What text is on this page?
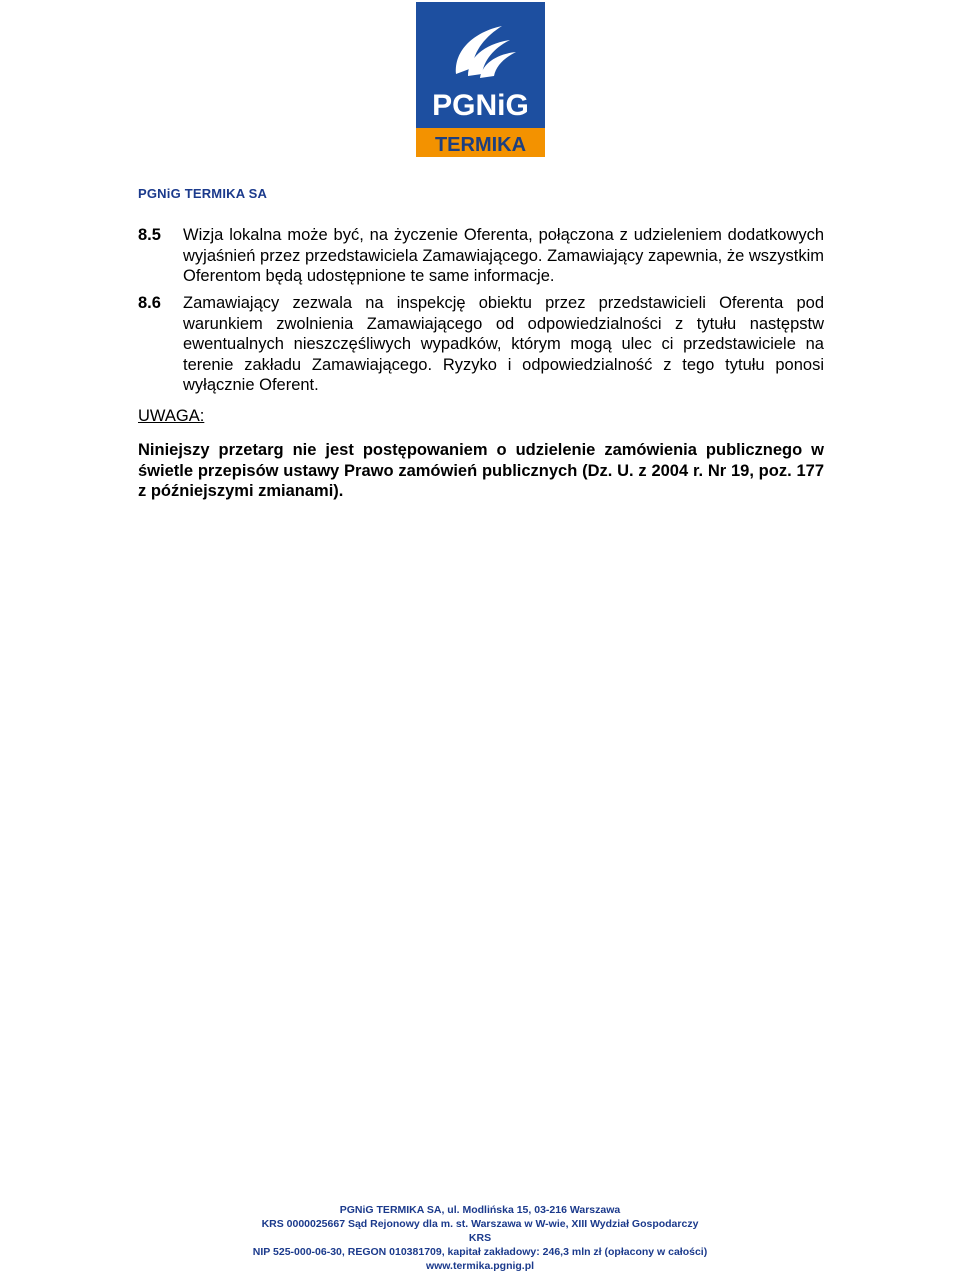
PGNiG
TERMIKA
PGNiG TERMIKA SA
8.5 Wizja lokalna może być, na życzenie Oferenta, połączona z udzieleniem dodatkowych wyjaśnień przez przedstawiciela Zamawiającego. Zamawiający zapewnia, że wszystkim Oferentom będą udostępnione te same informacje.
8.6 Zamawiający zezwala na inspekcję obiektu przez przedstawicieli Oferenta pod warunkiem zwolnienia Zamawiającego od odpowiedzialności z tytułu następstw ewentualnych nieszczęśliwych wypadków, którym mogą ulec ci przedstawiciele na terenie zakładu Zamawiającego. Ryzyko i odpowiedzialność z tego tytułu ponosi wyłącznie Oferent.
UWAGA:
Niniejszy przetarg nie jest postępowaniem o udzielenie zamówienia publicznego w świetle przepisów ustawy Prawo zamówień publicznych (Dz. U. z 2004 r. Nr 19, poz. 177 z późniejszymi zmianami).
PGNiG TERMIKA SA, ul. Modlińska 15, 03-216 Warszawa
KRS 0000025667 Sąd Rejonowy dla m. st. Warszawa w W-wie, XIII Wydział Gospodarczy KRS
NIP 525-000-06-30, REGON 010381709, kapitał zakładowy: 246,3 mln zł (opłacony w całości)
www.termika.pgnig.pl
